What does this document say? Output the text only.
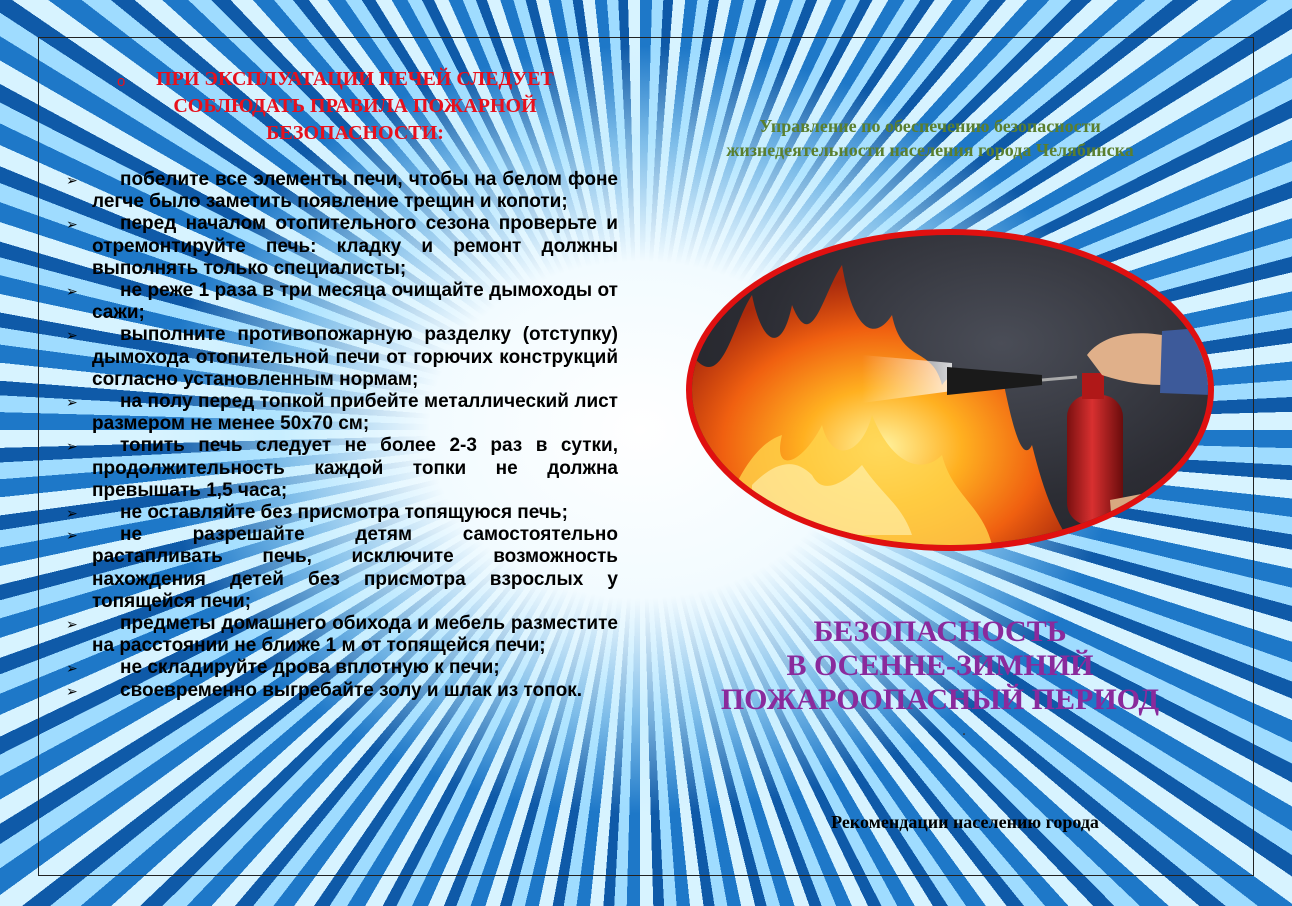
o	ПРИ ЭКСПЛУАТАЦИИ ПЕЧЕЙ СЛЕДУЕТ
СОБЛЮДАТЬ ПРАВИЛА ПОЖАРНОЙ
БЕЗОПАСНОСТИ:
➢ побелите все элементы печи, чтобы на белом фоне легче было заметить появление трещин и копоти;
➢ перед началом отопительного сезона проверьте и отремонтируйте печь: кладку и ремонт должны выполнять только специалисты;
➢ не реже 1 раза в три месяца очищайте дымоходы от сажи;
➢ выполните противопожарную разделку (отступку) дымохода отопительной печи от горючих конструкций согласно установленным нормам;
➢ на полу перед топкой прибейте металлический лист размером не менее 50х70 см;
➢ топить печь следует не более 2-3 раз в сутки, продолжительность каждой топки не должна превышать 1,5 часа;
➢ не оставляйте без присмотра топящуюся печь;
➢ не разрешайте детям самостоятельно растапливать печь, исключите возможность нахождения детей без присмотра взрослых у топящейся печи;
➢ предметы домашнего обихода и мебель разместите на расстоянии не ближе 1 м от топящейся печи;
➢ не складируйте дрова вплотную к печи;
➢ своевременно выгребайте золу и шлак из топок.
Управление по обеспечению безопасности
жизнедеятельности населения города Челябинска
БЕЗОПАСНОСТЬ
В ОСЕННЕ-ЗИМНИЙ
ПОЖАРООПАСНЫЙ ПЕРИОД
.
Рекомендации населению города
